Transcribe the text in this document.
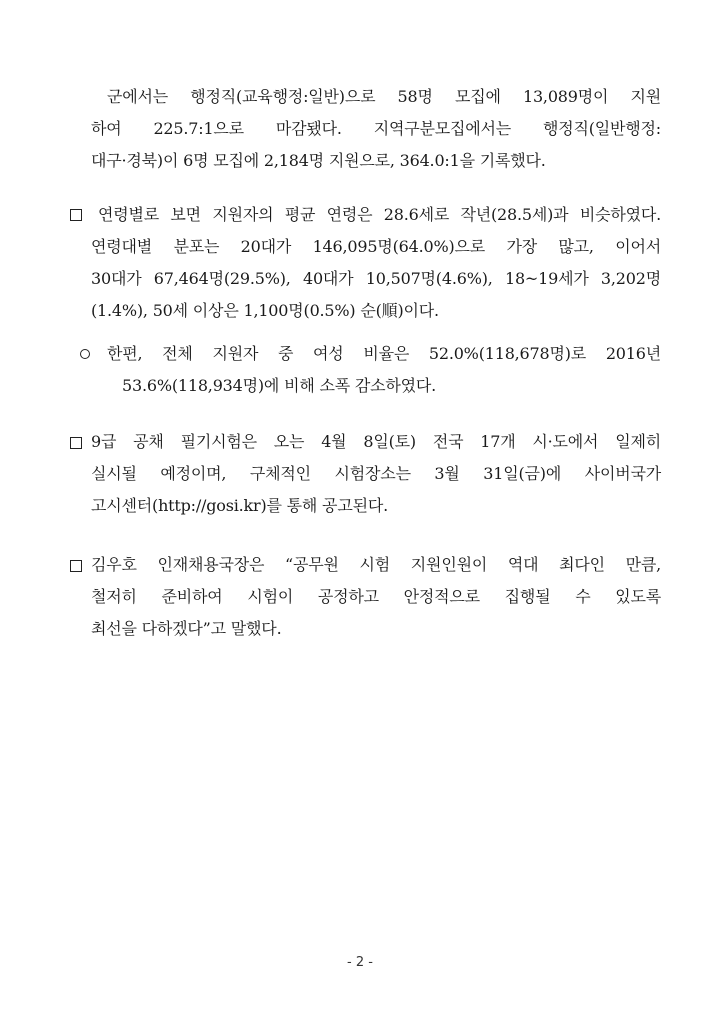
군에서는 행정직(교육행정:일반)으로 58명 모집에 13,089명이 지원
하여 225.7:1으로 마감됐다. 지역구분모집에서는 행정직(일반행정:
대구·경북)이 6명 모집에 2,184명 지원으로, 364.0:1을 기록했다.
연령별로 보면 지원자의 평균 연령은 28.6세로 작년(28.5세)과 비슷하였다.
연령대별 분포는 20대가 146,095명(64.0%)으로 가장 많고, 이어서
30대가 67,464명(29.5%), 40대가 10,507명(4.6%), 18~19세가 3,202명
(1.4%), 50세 이상은 1,100명(0.5%) 순(順)이다.
한편, 전체 지원자 중 여성 비율은 52.0%(118,678명)로 2016년
53.6%(118,934명)에 비해 소폭 감소하였다.
9급 공채 필기시험은 오는 4월 8일(토) 전국 17개 시·도에서 일제히
실시될 예정이며, 구체적인 시험장소는 3월 31일(금)에 사이버국가
고시센터(http://gosi.kr)를 통해 공고된다.
김우호 인재채용국장은 “공무원 시험 지원인원이 역대 최다인 만큼,
철저히 준비하여 시험이 공정하고 안정적으로 집행될 수 있도록
최선을 다하겠다”고 말했다.
- 2 -
